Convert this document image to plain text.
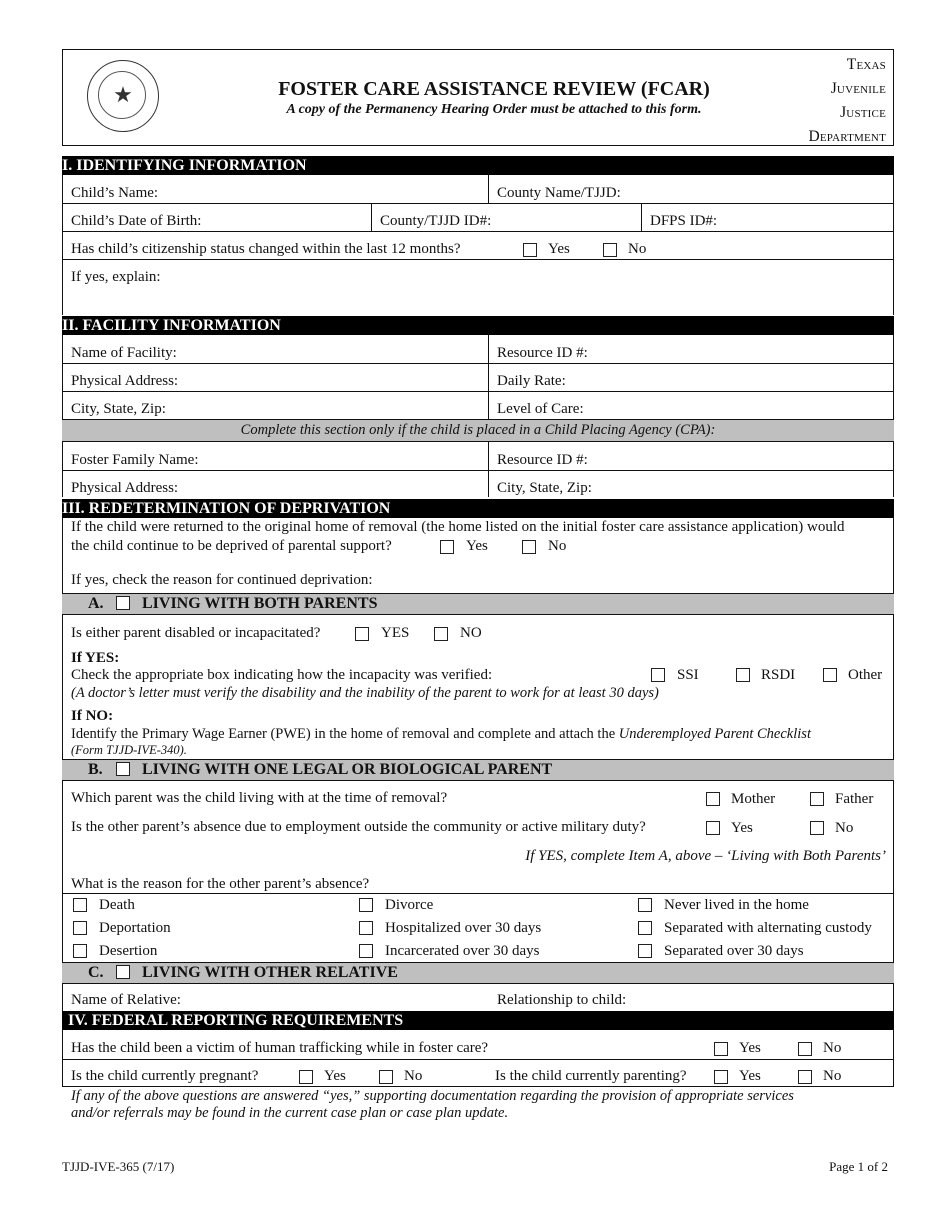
★	FOSTER CARE ASSISTANCE REVIEW (FCAR)
A copy of the Permanency Hearing Order must be attached to this form.
Texas
Juvenile
Justice
Department
I. IDENTIFYING INFORMATION
Child’s Name:	County Name/TJJD:
Child’s Date of Birth:	County/TJJD ID#:	DFPS ID#:
Has child’s citizenship status changed within the last 12 months?	Yes	No
If yes, explain:
II. FACILITY INFORMATION
Name of Facility:	Resource ID #:
Physical Address:	Daily Rate:
City, State, Zip:	Level of Care:
Complete this section only if the child is placed in a Child Placing Agency (CPA):
Foster Family Name:	Resource ID #:
Physical Address:	City, State, Zip:
III. REDETERMINATION OF DEPRIVATION
If the child were returned to the original home of removal (the home listed on the initial foster care assistance application) would
the child continue to be deprived of parental support?	Yes	No
If yes, check the reason for continued deprivation:
A. LIVING WITH BOTH PARENTS
Is either parent disabled or incapacitated?	YES	NO
If YES:
Check the appropriate box indicating how the incapacity was verified:	SSI	RSDI	Other
(A doctor’s letter must verify the disability and the inability of the parent to work for at least 30 days)
If NO:
Identify the Primary Wage Earner (PWE) in the home of removal and complete and attach the Underemployed Parent Checklist
(Form TJJD-IVE-340).
B. LIVING WITH ONE LEGAL OR BIOLOGICAL PARENT
Which parent was the child living with at the time of removal?	Mother	Father
Is the other parent’s absence due to employment outside the community or active military duty?	Yes	No
If YES, complete Item A, above – ‘Living with Both Parents’
What is the reason for the other parent’s absence?
Death	Divorce	Never lived in the home
Deportation	Hospitalized over 30 days	Separated with alternating custody
Desertion	Incarcerated over 30 days	Separated over 30 days
C. LIVING WITH OTHER RELATIVE
Name of Relative:	Relationship to child:
IV. FEDERAL REPORTING REQUIREMENTS
Has the child been a victim of human trafficking while in foster care?	Yes	No
Is the child currently pregnant?	Yes	No	Is the child currently parenting?	Yes	No
If any of the above questions are answered “yes,” supporting documentation regarding the provision of appropriate services
and/or referrals may be found in the current case plan or case plan update.
TJJD-IVE-365 (7/17)	Page 1 of 2
